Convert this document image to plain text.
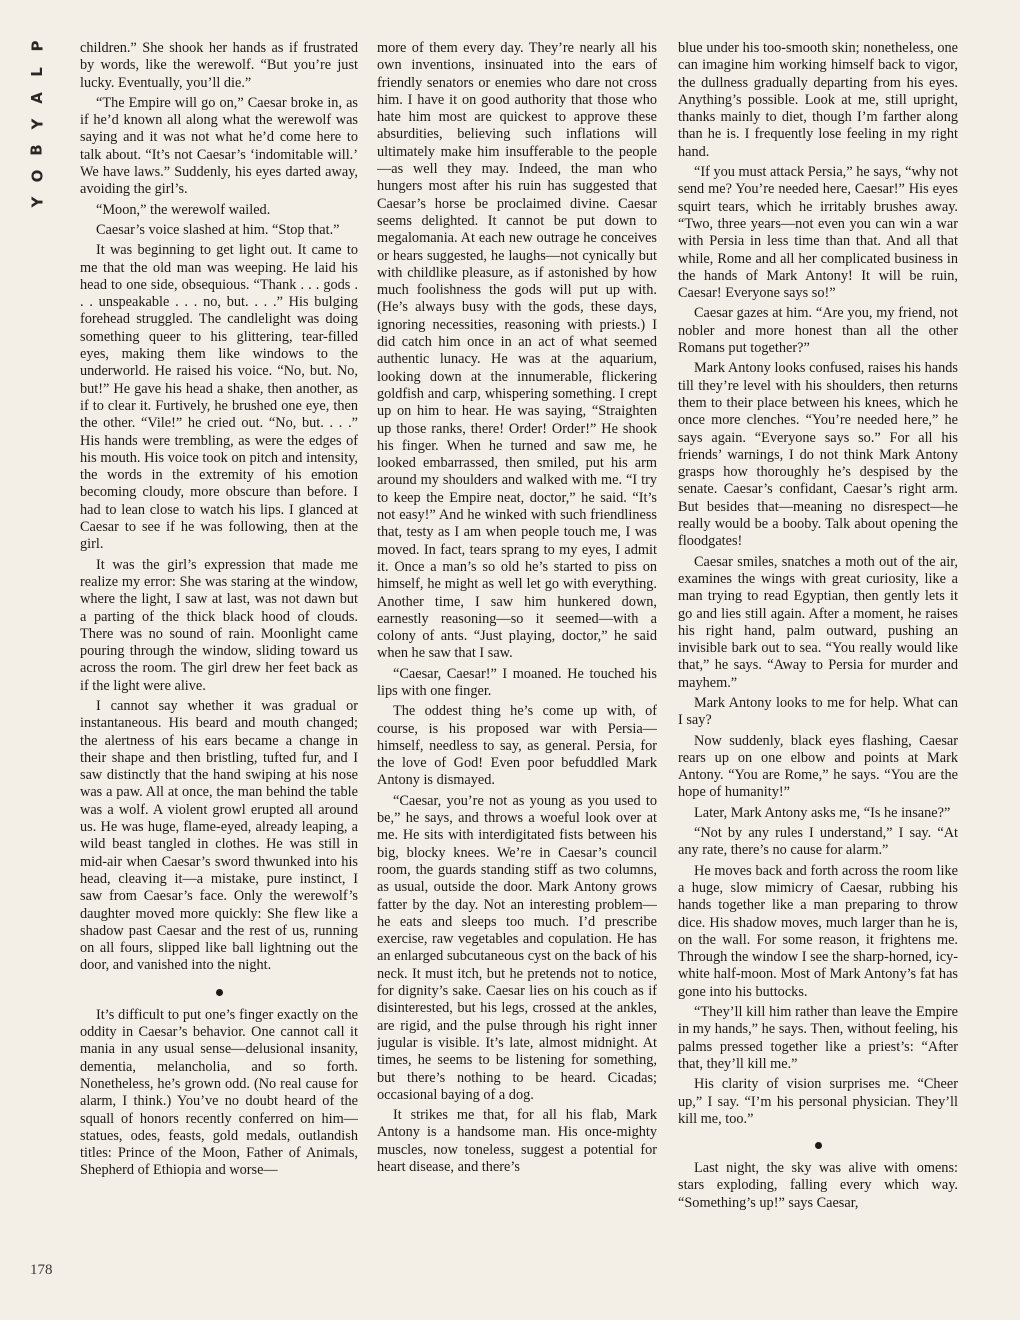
P
L
A
Y
B
O
Y

children.” She shook her hands as if frustrated by words, like the werewolf. “But you’re just lucky. Eventually, you’ll die.”

“The Empire will go on,” Caesar broke in, as if he’d known all along what the werewolf was saying and it was not what he’d come here to talk about. “It’s not Caesar’s ‘indomitable will.’ We have laws.” Suddenly, his eyes darted away, avoiding the girl’s.

“Moon,” the werewolf wailed.

Caesar’s voice slashed at him. “Stop that.”

It was beginning to get light out. It came to me that the old man was weeping. He laid his head to one side, obsequious. “Thank . . . gods . . . unspeakable . . . no, but. . . .” His bulging forehead struggled. The candlelight was doing something queer to his glittering, tear-filled eyes, making them like windows to the underworld. He raised his voice. “No, but. No, but!” He gave his head a shake, then another, as if to clear it. Furtively, he brushed one eye, then the other. “Vile!” he cried out. “No, but. . . .” His hands were trembling, as were the edges of his mouth. His voice took on pitch and intensity, the words in the extremity of his emotion becoming cloudy, more obscure than before. I had to lean close to watch his lips. I glanced at Caesar to see if he was following, then at the girl.

It was the girl’s expression that made me realize my error: She was staring at the window, where the light, I saw at last, was not dawn but a parting of the thick black hood of clouds. There was no sound of rain. Moonlight came pouring through the window, sliding toward us across the room. The girl drew her feet back as if the light were alive.

I cannot say whether it was gradual or instantaneous. His beard and mouth changed; the alertness of his ears became a change in their shape and then bristling, tufted fur, and I saw distinctly that the hand swiping at his nose was a paw. All at once, the man behind the table was a wolf. A violent growl erupted all around us. He was huge, flame-eyed, already leaping, a wild beast tangled in clothes. He was still in mid-air when Caesar’s sword thwunked into his head, cleaving it—a mistake, pure instinct, I saw from Caesar’s face. Only the werewolf’s daughter moved more quickly: She flew like a shadow past Caesar and the rest of us, running on all fours, slipped like ball lightning out the door, and vanished into the night.

It’s difficult to put one’s finger exactly on the oddity in Caesar’s behavior. One cannot call it mania in any usual sense—delusional insanity, dementia, melancholia, and so forth. Nonetheless, he’s grown odd. (No real cause for alarm, I think.) You’ve no doubt heard of the squall of honors recently conferred on him—statues, odes, feasts, gold medals, outlandish titles: Prince of the Moon, Father of Animals, Shepherd of Ethiopia and worse—

more of them every day. They’re nearly all his own inventions, insinuated into the ears of friendly senators or enemies who dare not cross him. I have it on good authority that those who hate him most are quickest to approve these absurdities, believing such inflations will ultimately make him insufferable to the people—as well they may. Indeed, the man who hungers most after his ruin has suggested that Caesar’s horse be proclaimed divine. Caesar seems delighted. It cannot be put down to megalomania. At each new outrage he conceives or hears suggested, he laughs—not cynically but with childlike pleasure, as if astonished by how much foolishness the gods will put up with. (He’s always busy with the gods, these days, ignoring necessities, reasoning with priests.) I did catch him once in an act of what seemed authentic lunacy. He was at the aquarium, looking down at the innumerable, flickering goldfish and carp, whispering something. I crept up on him to hear. He was saying, “Straighten up those ranks, there! Order! Order!” He shook his finger. When he turned and saw me, he looked embarrassed, then smiled, put his arm around my shoulders and walked with me. “I try to keep the Empire neat, doctor,” he said. “It’s not easy!” And he winked with such friendliness that, testy as I am when people touch me, I was moved. In fact, tears sprang to my eyes, I admit it. Once a man’s so old he’s started to piss on himself, he might as well let go with everything. Another time, I saw him hunkered down, earnestly reasoning—so it seemed—with a colony of ants. “Just playing, doctor,” he said when he saw that I saw.

“Caesar, Caesar!” I moaned. He touched his lips with one finger.

The oddest thing he’s come up with, of course, is his proposed war with Persia—himself, needless to say, as general. Persia, for the love of God! Even poor befuddled Mark Antony is dismayed.

“Caesar, you’re not as young as you used to be,” he says, and throws a woeful look over at me. He sits with interdigitated fists between his big, blocky knees. We’re in Caesar’s council room, the guards standing stiff as two columns, as usual, outside the door. Mark Antony grows fatter by the day. Not an interesting problem—he eats and sleeps too much. I’d prescribe exercise, raw vegetables and copulation. He has an enlarged subcutaneous cyst on the back of his neck. It must itch, but he pretends not to notice, for dignity’s sake. Caesar lies on his couch as if disinterested, but his legs, crossed at the ankles, are rigid, and the pulse through his right inner jugular is visible. It’s late, almost midnight. At times, he seems to be listening for something, but there’s nothing to be heard. Cicadas; occasional baying of a dog.

It strikes me that, for all his flab, Mark Antony is a handsome man. His once-mighty muscles, now toneless, suggest a potential for heart disease, and there’s

blue under his too-smooth skin; nonetheless, one can imagine him working himself back to vigor, the dullness gradually departing from his eyes. Anything’s possible. Look at me, still upright, thanks mainly to diet, though I’m farther along than he is. I frequently lose feeling in my right hand.

“If you must attack Persia,” he says, “why not send me? You’re needed here, Caesar!” His eyes squirt tears, which he irritably brushes away. “Two, three years—not even you can win a war with Persia in less time than that. And all that while, Rome and all her complicated business in the hands of Mark Antony! It will be ruin, Caesar! Everyone says so!”

Caesar gazes at him. “Are you, my friend, not nobler and more honest than all the other Romans put together?”

Mark Antony looks confused, raises his hands till they’re level with his shoulders, then returns them to their place between his knees, which he once more clenches. “You’re needed here,” he says again. “Everyone says so.” For all his friends’ warnings, I do not think Mark Antony grasps how thoroughly he’s despised by the senate. Caesar’s confidant, Caesar’s right arm. But besides that—meaning no disrespect—he really would be a booby. Talk about opening the floodgates!

Caesar smiles, snatches a moth out of the air, examines the wings with great curiosity, like a man trying to read Egyptian, then gently lets it go and lies still again. After a moment, he raises his right hand, palm outward, pushing an invisible bark out to sea. “You really would like that,” he says. “Away to Persia for murder and mayhem.”

Mark Antony looks to me for help. What can I say?

Now suddenly, black eyes flashing, Caesar rears up on one elbow and points at Mark Antony. “You are Rome,” he says. “You are the hope of humanity!”

Later, Mark Antony asks me, “Is he insane?”

“Not by any rules I understand,” I say. “At any rate, there’s no cause for alarm.”

He moves back and forth across the room like a huge, slow mimicry of Caesar, rubbing his hands together like a man preparing to throw dice. His shadow moves, much larger than he is, on the wall. For some reason, it frightens me. Through the window I see the sharp-horned, icy-white half-moon. Most of Mark Antony’s fat has gone into his buttocks.

“They’ll kill him rather than leave the Empire in my hands,” he says. Then, without feeling, his palms pressed together like a priest’s: “After that, they’ll kill me.”

His clarity of vision surprises me. “Cheer up,” I say. “I’m his personal physician. They’ll kill me, too.”

Last night, the sky was alive with omens: stars exploding, falling every which way. “Something’s up!” says Caesar,

178
